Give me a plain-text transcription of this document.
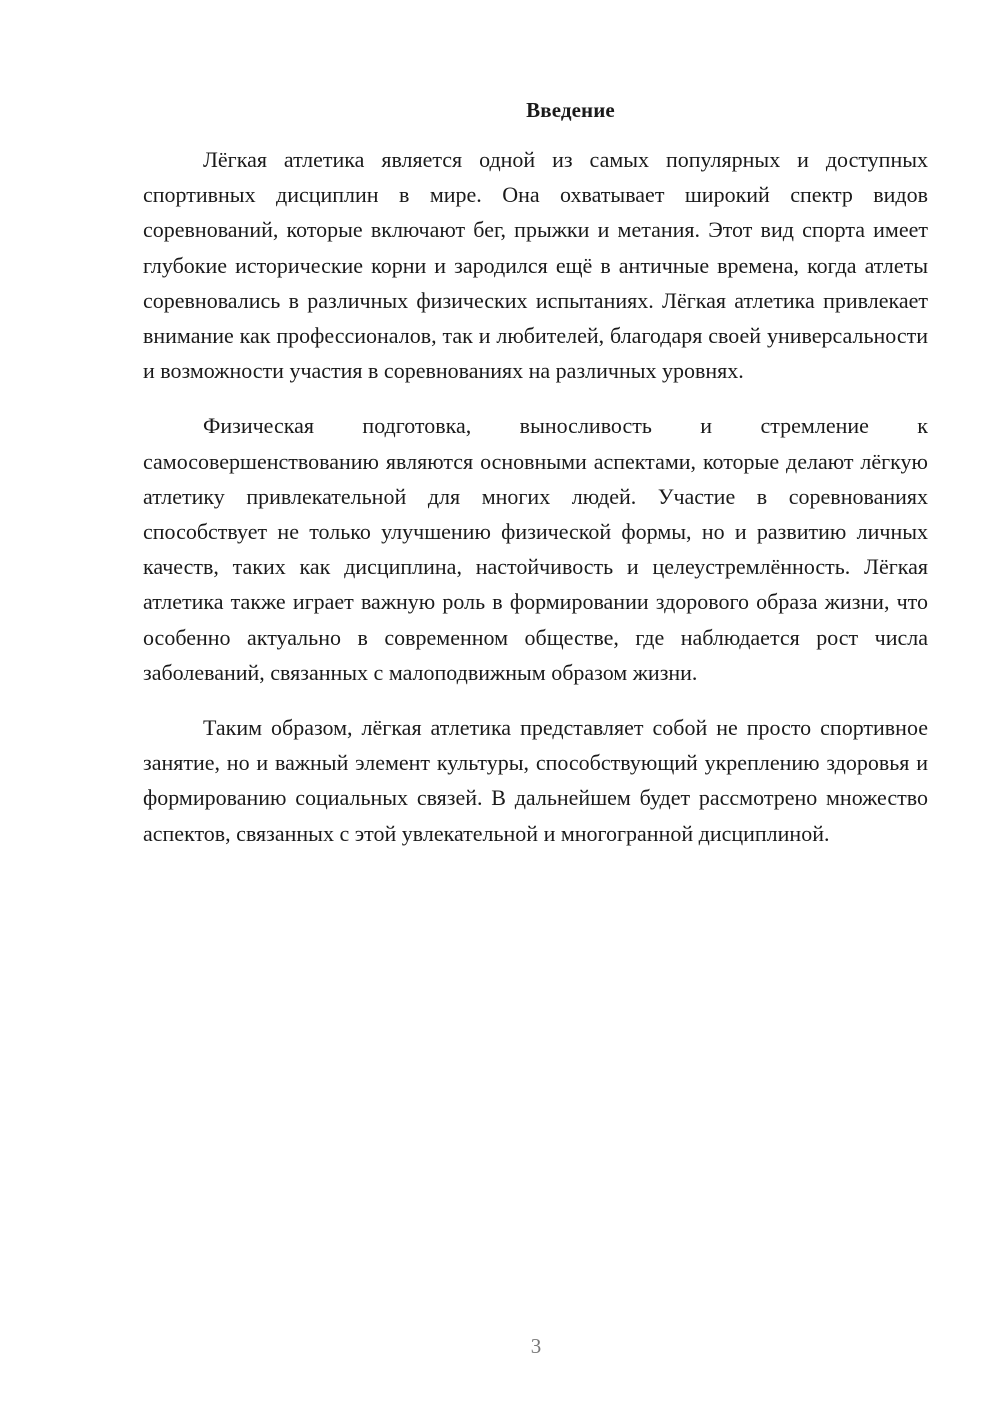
Введение

Лёгкая атлетика является одной из самых популярных и доступных спортивных дисциплин в мире. Она охватывает широкий спектр видов соревнований, которые включают бег, прыжки и метания. Этот вид спорта имеет глубокие исторические корни и зародился ещё в античные времена, когда атлеты соревновались в различных физических испытаниях. Лёгкая атлетика привлекает внимание как профессионалов, так и любителей, благодаря своей универсальности и возможности участия в соревнованиях на различных уровнях.

Физическая подготовка, выносливость и стремление к самосовершенствованию являются основными аспектами, которые делают лёгкую атлетику привлекательной для многих людей. Участие в соревнованиях способствует не только улучшению физической формы, но и развитию личных качеств, таких как дисциплина, настойчивость и целеустремлённость. Лёгкая атлетика также играет важную роль в формировании здорового образа жизни, что особенно актуально в современном обществе, где наблюдается рост числа заболеваний, связанных с малоподвижным образом жизни.

Таким образом, лёгкая атлетика представляет собой не просто спортивное занятие, но и важный элемент культуры, способствующий укреплению здоровья и формированию социальных связей. В дальнейшем будет рассмотрено множество аспектов, связанных с этой увлекательной и многогранной дисциплиной.

3
